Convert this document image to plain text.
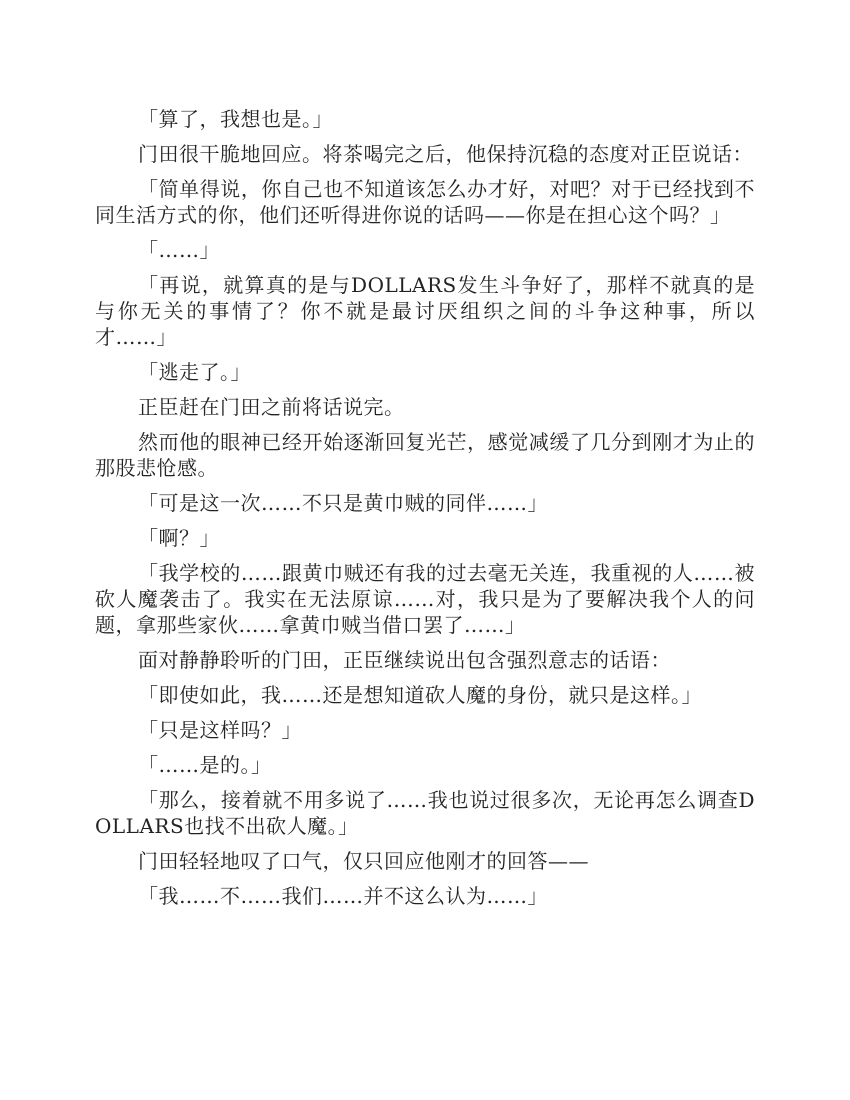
「算了，我想也是。」

门田很干脆地回应。将茶喝完之后，他保持沉稳的态度对正臣说话：

「简单得说，你自己也不知道该怎么办才好，对吧？对于已经找到不同生活方式的你，他们还听得进你说的话吗——你是在担心这个吗？」

「……」

「再说，就算真的是与DOLLARS发生斗争好了，那样不就真的是与你无关的事情了？你不就是最讨厌组织之间的斗争这种事，所以才……」

「逃走了。」

正臣赶在门田之前将话说完。

然而他的眼神已经开始逐渐回复光芒，感觉减缓了几分到刚才为止的那股悲怆感。

「可是这一次……不只是黄巾贼的同伴……」

「啊？」

「我学校的……跟黄巾贼还有我的过去毫无关连，我重视的人……被砍人魔袭击了。我实在无法原谅……对，我只是为了要解决我个人的问题，拿那些家伙……拿黄巾贼当借口罢了……」

面对静静聆听的门田，正臣继续说出包含强烈意志的话语：

「即使如此，我……还是想知道砍人魔的身份，就只是这样。」

「只是这样吗？」

「……是的。」

「那么，接着就不用多说了……我也说过很多次，无论再怎么调查DOLLARS也找不出砍人魔。」

门田轻轻地叹了口气，仅只回应他刚才的回答——

「我……不……我们……并不这么认为……」
